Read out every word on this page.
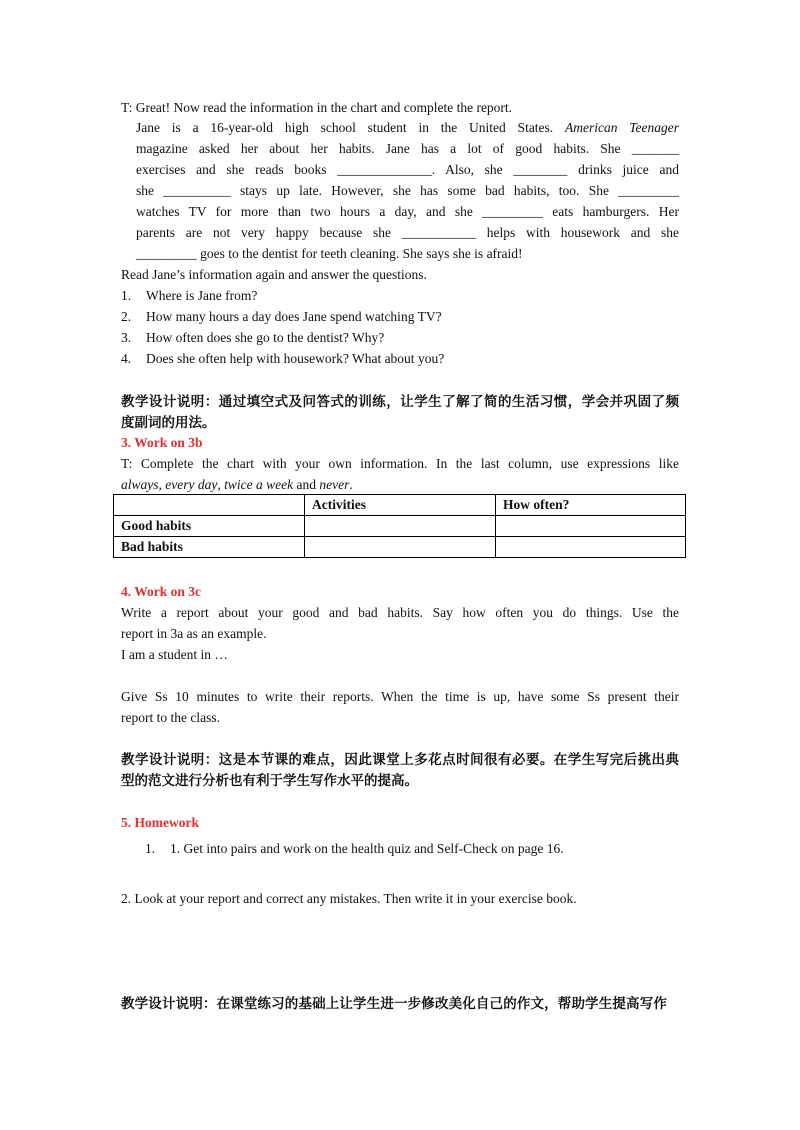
T: Great! Now read the information in the chart and complete the report.
Jane is a 16-year-old high school student in the United States. American Teenager
magazine asked her about her habits. Jane has a lot of good habits. She _______
exercises and she reads books ______________. Also, she ________ drinks juice and
she __________ stays up late. However, she has some bad habits, too. She _________
watches TV for more than two hours a day, and she _________ eats hamburgers. Her
parents are not very happy because she ___________ helps with housework and she
_________ goes to the dentist for teeth cleaning. She says she is afraid!
Read Jane’s information again and answer the questions.
1. Where is Jane from?
2. How many hours a day does Jane spend watching TV?
3. How often does she go to the dentist? Why?
4. Does she often help with housework? What about you?
教学设计说明：通过填空式及问答式的训练，让学生了解了简的生活习惯，学会并巩固了频
度副词的用法。
3. Work on 3b
T: Complete the chart with your own information. In the last column, use expressions like
always, every day, twice a week and never.
	Activities	How often?
Good habits		
Bad habits		
4. Work on 3c
Write a report about your good and bad habits. Say how often you do things. Use the
report in 3a as an example.
I am a student in …
Give Ss 10 minutes to write their reports. When the time is up, have some Ss present their
report to the class.
教学设计说明：这是本节课的难点，因此课堂上多花点时间很有必要。在学生写完后挑出典
型的范文进行分析也有利于学生写作水平的提高。
5. Homework
1. 1. Get into pairs and work on the health quiz and Self-Check on page 16.
2. Look at your report and correct any mistakes. Then write it in your exercise book.
教学设计说明：在课堂练习的基础上让学生进一步修改美化自己的作文，帮助学生提高写作
